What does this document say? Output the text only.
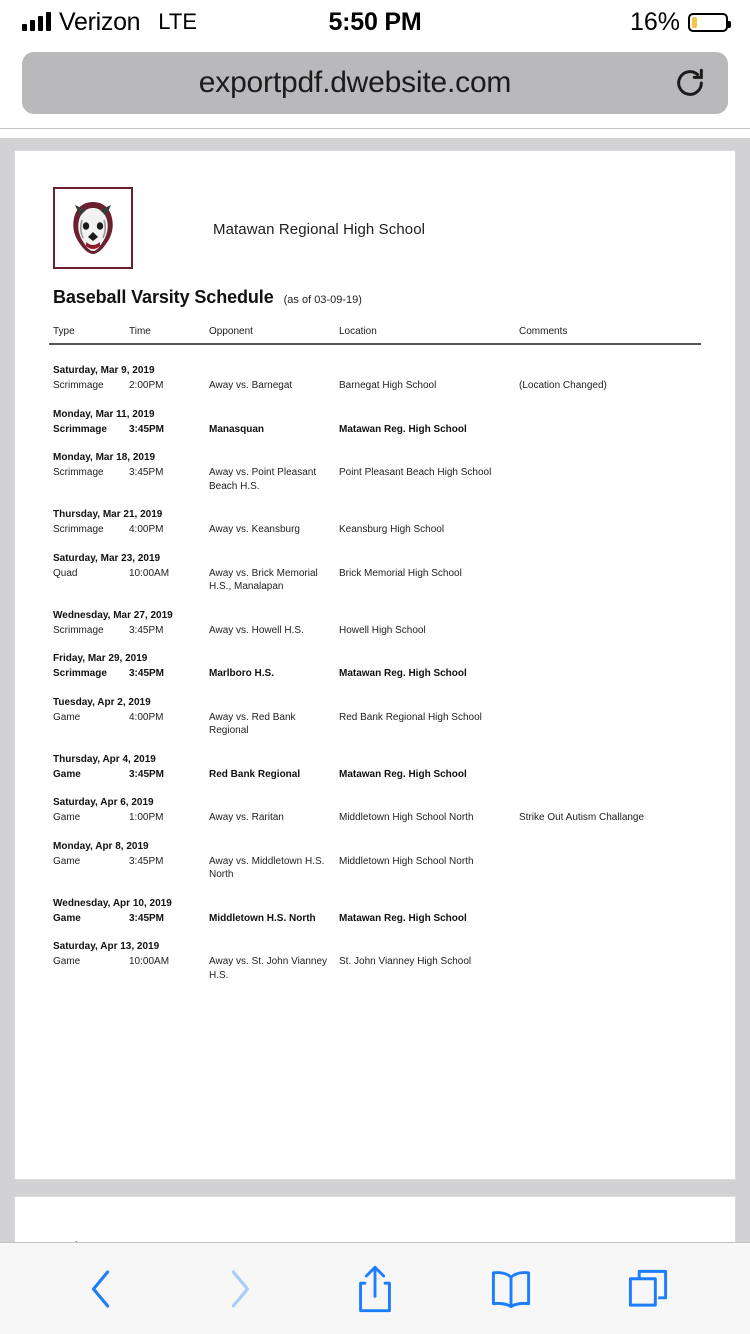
Verizon LTE	5:50 PM	16%
exportpdf.dwebsite.com
Matawan Regional High School
Baseball Varsity Schedule (as of 03-09-19)
Type	Time	Opponent	Location	Comments
Saturday, Mar 9, 2019				
Scrimmage	2:00PM	Away vs. Barnegat	Barnegat High School	(Location Changed)
Monday, Mar 11, 2019				
Scrimmage	3:45PM	Manasquan	Matawan Reg. High School	
Monday, Mar 18, 2019				
Scrimmage	3:45PM	Away vs. Point Pleasant Beach H.S.	Point Pleasant Beach High School	
Thursday, Mar 21, 2019				
Scrimmage	4:00PM	Away vs. Keansburg	Keansburg High School	
Saturday, Mar 23, 2019				
Quad	10:00AM	Away vs. Brick Memorial H.S., Manalapan	Brick Memorial High School	
Wednesday, Mar 27, 2019				
Scrimmage	3:45PM	Away vs. Howell H.S.	Howell High School	
Friday, Mar 29, 2019				
Scrimmage	3:45PM	Marlboro H.S.	Matawan Reg. High School	
Tuesday, Apr 2, 2019				
Game	4:00PM	Away vs. Red Bank Regional	Red Bank Regional High School	
Thursday, Apr 4, 2019				
Game	3:45PM	Red Bank Regional	Matawan Reg. High School	
Saturday, Apr 6, 2019				
Game	1:00PM	Away vs. Raritan	Middletown High School North	Strike Out Autism Challange
Monday, Apr 8, 2019				
Game	3:45PM	Away vs. Middletown H.S. North	Middletown High School North	
Wednesday, Apr 10, 2019				
Game	3:45PM	Middletown H.S. North	Matawan Reg. High School	
Saturday, Apr 13, 2019				
Game	10:00AM	Away vs. St. John Vianney H.S.	St. John Vianney High School	
